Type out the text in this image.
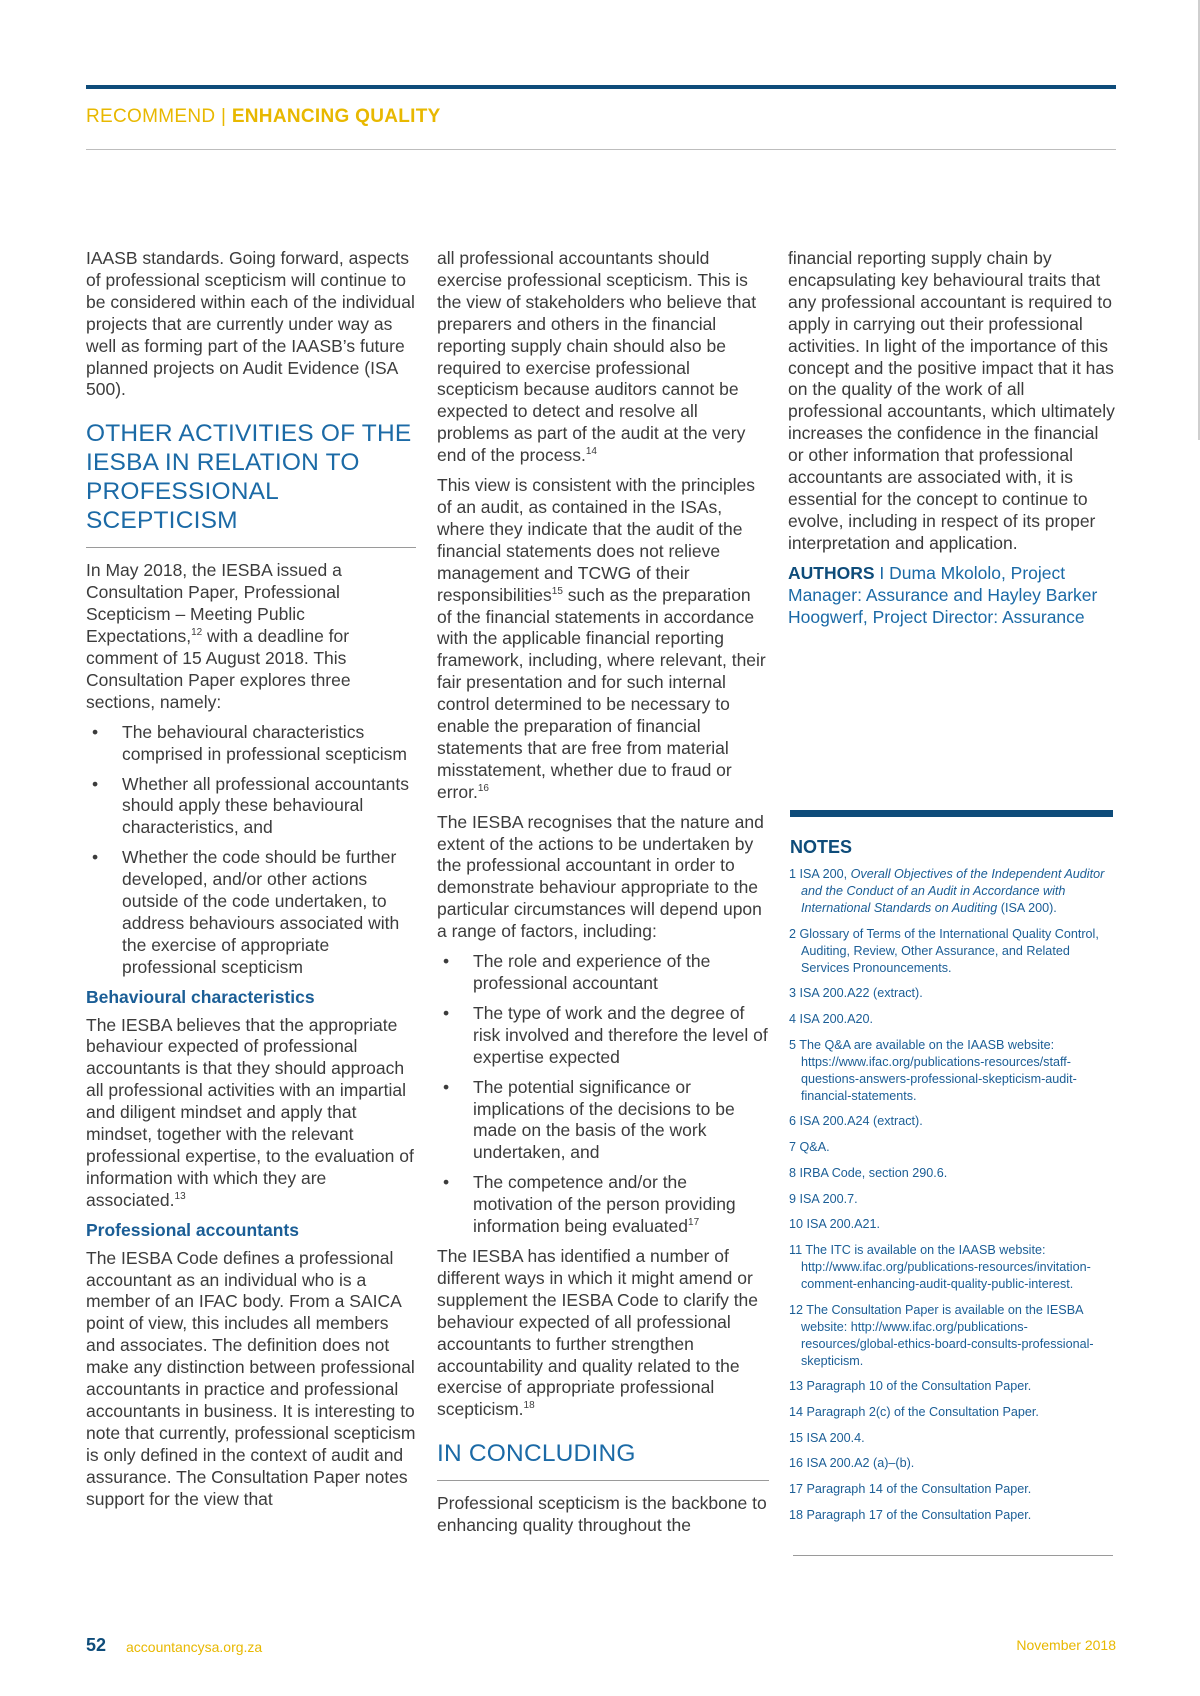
RECOMMEND | ENHANCING QUALITY

IAASB standards. Going forward, aspects of professional scepticism will continue to be considered within each of the individual projects that are currently under way as well as forming part of the IAASB’s future planned projects on Audit Evidence (ISA 500).

OTHER ACTIVITIES OF THE IESBA IN RELATION TO PROFESSIONAL SCEPTICISM

In May 2018, the IESBA issued a Consultation Paper, Professional Scepticism – Meeting Public Expectations,$^{12}$ with a deadline for comment of 15 August 2018. This Consultation Paper explores three sections, namely:

• The behavioural characteristics comprised in professional scepticism
• Whether all professional accountants should apply these behavioural characteristics, and
• Whether the code should be further developed, and/or other actions outside of the code undertaken, to address behaviours associated with the exercise of appropriate professional scepticism
Behavioural characteristics

The IESBA believes that the appropriate behaviour expected of professional accountants is that they should approach all professional activities with an impartial and diligent mindset and apply that mindset, together with the relevant professional expertise, to the evaluation of information with which they are associated.$^{13}$

Professional accountants

The IESBA Code defines a professional accountant as an individual who is a member of an IFAC body. From a SAICA point of view, this includes all members and associates. The definition does not make any distinction between professional accountants in practice and professional accountants in business. It is interesting to note that currently, professional scepticism is only defined in the context of audit and assurance. The Consultation Paper notes support for the view that

all professional accountants should exercise professional scepticism. This is the view of stakeholders who believe that preparers and others in the financial reporting supply chain should also be required to exercise professional scepticism because auditors cannot be expected to detect and resolve all problems as part of the audit at the very end of the process.$^{14}$

This view is consistent with the principles of an audit, as contained in the ISAs, where they indicate that the audit of the financial statements does not relieve management and TCWG of their responsibilities$^{15}$ such as the preparation of the financial statements in accordance with the applicable financial reporting framework, including, where relevant, their fair presentation and for such internal control determined to be necessary to enable the preparation of financial statements that are free from material misstatement, whether due to fraud or error.$^{16}$

The IESBA recognises that the nature and extent of the actions to be undertaken by the professional accountant in order to demonstrate behaviour appropriate to the particular circumstances will depend upon a range of factors, including:

• The role and experience of the professional accountant
• The type of work and the degree of risk involved and therefore the level of expertise expected
• The potential significance or implications of the decisions to be made on the basis of the work undertaken, and
• The competence and/or the motivation of the person providing information being evaluated$^{17}$

The IESBA has identified a number of different ways in which it might amend or supplement the IESBA Code to clarify the behaviour expected of all professional accountants to further strengthen accountability and quality related to the exercise of appropriate professional scepticism.$^{18}$

IN CONCLUDING

Professional scepticism is the backbone to enhancing quality throughout the

financial reporting supply chain by encapsulating key behavioural traits that any professional accountant is required to apply in carrying out their professional activities. In light of the importance of this concept and the positive impact that it has on the quality of the work of all professional accountants, which ultimately increases the confidence in the financial or other information that professional accountants are associated with, it is essential for the concept to continue to evolve, including in respect of its proper interpretation and application.

AUTHORS I Duma Mkololo, Project Manager: Assurance and Hayley Barker Hoogwerf, Project Director: Assurance

NOTES
1 ISA 200, Overall Objectives of the Independent Auditor and the Conduct of an Audit in Accordance with International Standards on Auditing (ISA 200).
2 Glossary of Terms of the International Quality Control, Auditing, Review, Other Assurance, and Related Services Pronouncements.
3 ISA 200.A22 (extract).
4 ISA 200.A20.
5 The Q&A are available on the IAASB website: https://www.ifac.org/publications-resources/staff-questions-answers-professional-skepticism-audit-financial-statements.
6 ISA 200.A24 (extract).
7 Q&A.
8 IRBA Code, section 290.6.
9 ISA 200.7.
10 ISA 200.A21.
11 The ITC is available on the IAASB website: http://www.ifac.org/publications-resources/invitation-comment-enhancing-audit-quality-public-interest.
12 The Consultation Paper is available on the IESBA website: http://www.ifac.org/publications-resources/global-ethics-board-consults-professional-skepticism.
13 Paragraph 10 of the Consultation Paper.
14 Paragraph 2(c) of the Consultation Paper.
15 ISA 200.4.
16 ISA 200.A2 (a)–(b).
17 Paragraph 14 of the Consultation Paper.
18 Paragraph 17 of the Consultation Paper.
52 accountancysa.org.za	November 2018
